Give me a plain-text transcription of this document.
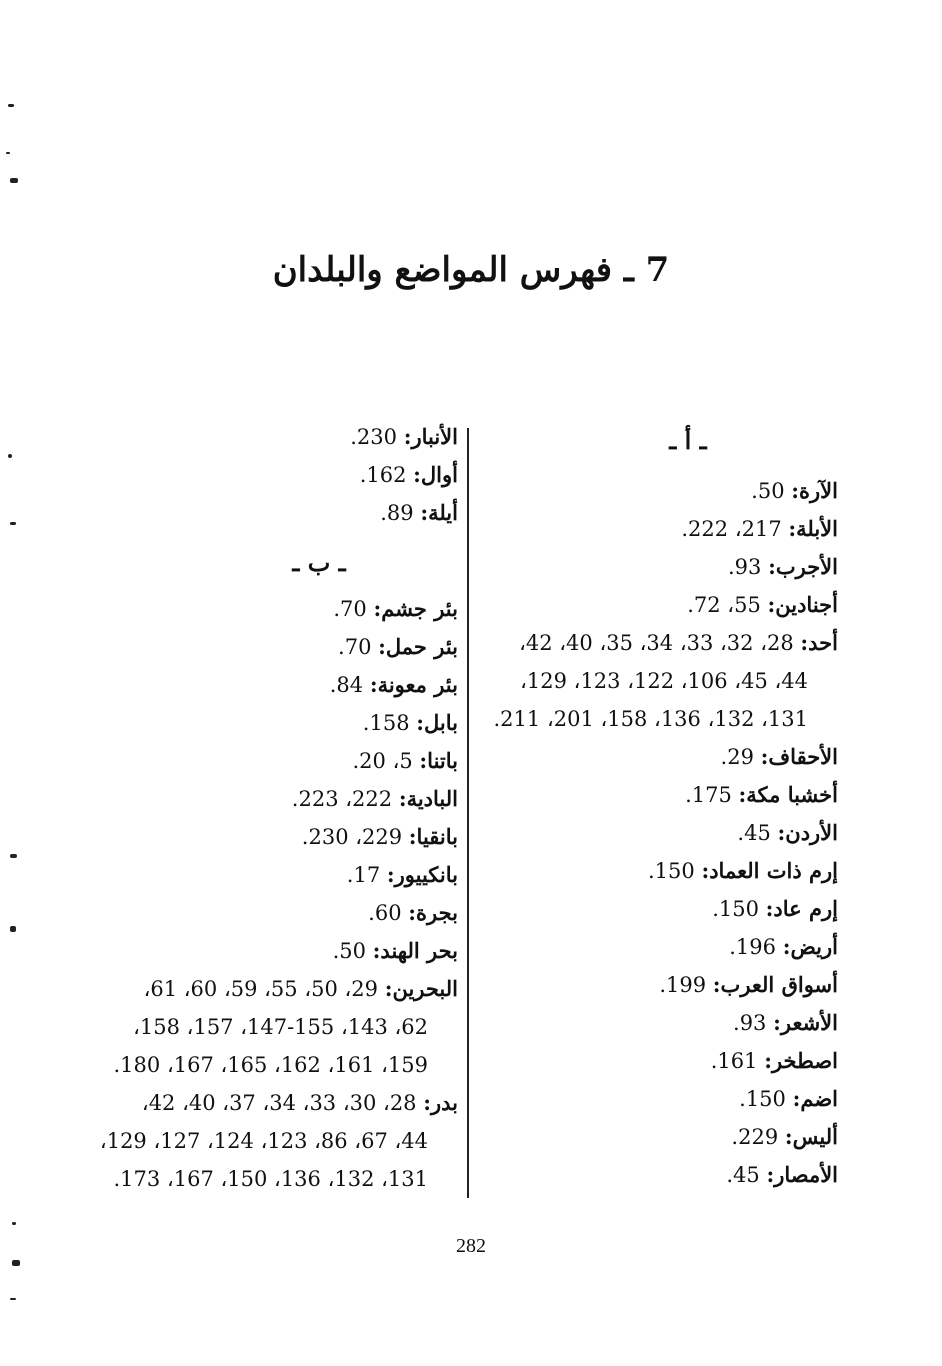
7 ـ فهرس المواضع والبلدان
ـ أ ـ
الآرة: 50.
الأبلة: 217، 222.
الأجرب: 93.
أجنادين: 55، 72.
أحد: 28، 32، 33، 34، 35، 40، 42،
44، 45، 106، 122، 123، 129،
131، 132، 136، 158، 201، 211.
الأحقاف: 29.
أخشبا مكة: 175.
الأردن: 45.
إرم ذات العماد: 150.
إرم عاد: 150.
أريض: 196.
أسواق العرب: 199.
الأشعر: 93.
اصطخر: 161.
اضم: 150.
أليس: 229.
الأمصار: 45.
الأنبار: 230.
أوال: 162.
أيلة: 89.
ـ ب ـ
بئر جشم: 70.
بئر حمل: 70.
بئر معونة: 84.
بابل: 158.
باتنا: 5، 20.
البادية: 222، 223.
بانقيا: 229، 230.
بانكييور: 17.
بجرة: 60.
بحر الهند: 50.
البحرين: 29، 50، 55، 59، 60، 61،
62، 143، 147-155، 157، 158،
159، 161، 162، 165، 167، 180.
بدر: 28، 30، 33، 34، 37، 40، 42،
44، 67، 86، 123، 124، 127، 129،
131، 132، 136، 150، 167، 173.
282
